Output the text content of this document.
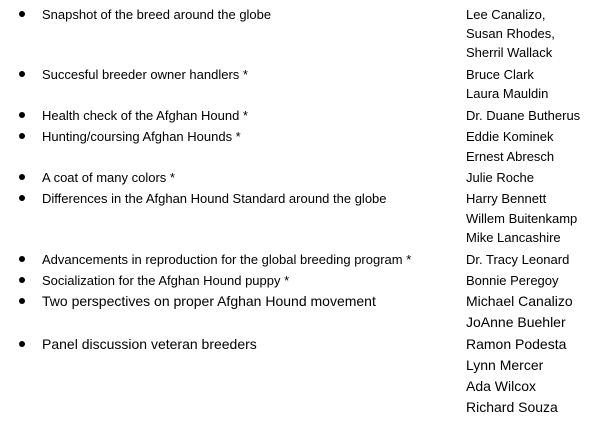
Snapshot of the breed around the globe	Lee Canalizo,
Susan Rhodes,
Sherril Wallack
Succesful breeder owner handlers *	Bruce Clark
Laura Mauldin
Health check of the Afghan Hound *	Dr. Duane Butherus
Hunting/coursing Afghan Hounds *	Eddie Kominek
Ernest Abresch
A coat of many colors *	Julie Roche
Differences in the Afghan Hound Standard around the globe	Harry Bennett
Willem Buitenkamp
Mike Lancashire
Advancements in reproduction for the global breeding program *	Dr. Tracy Leonard
Socialization for the Afghan Hound puppy *	Bonnie Peregoy
Two perspectives on proper Afghan Hound movement	Michael Canalizo
JoAnne Buehler
Panel discussion veteran breeders	Ramon Podesta
Lynn Mercer
Ada Wilcox
Richard Souza
